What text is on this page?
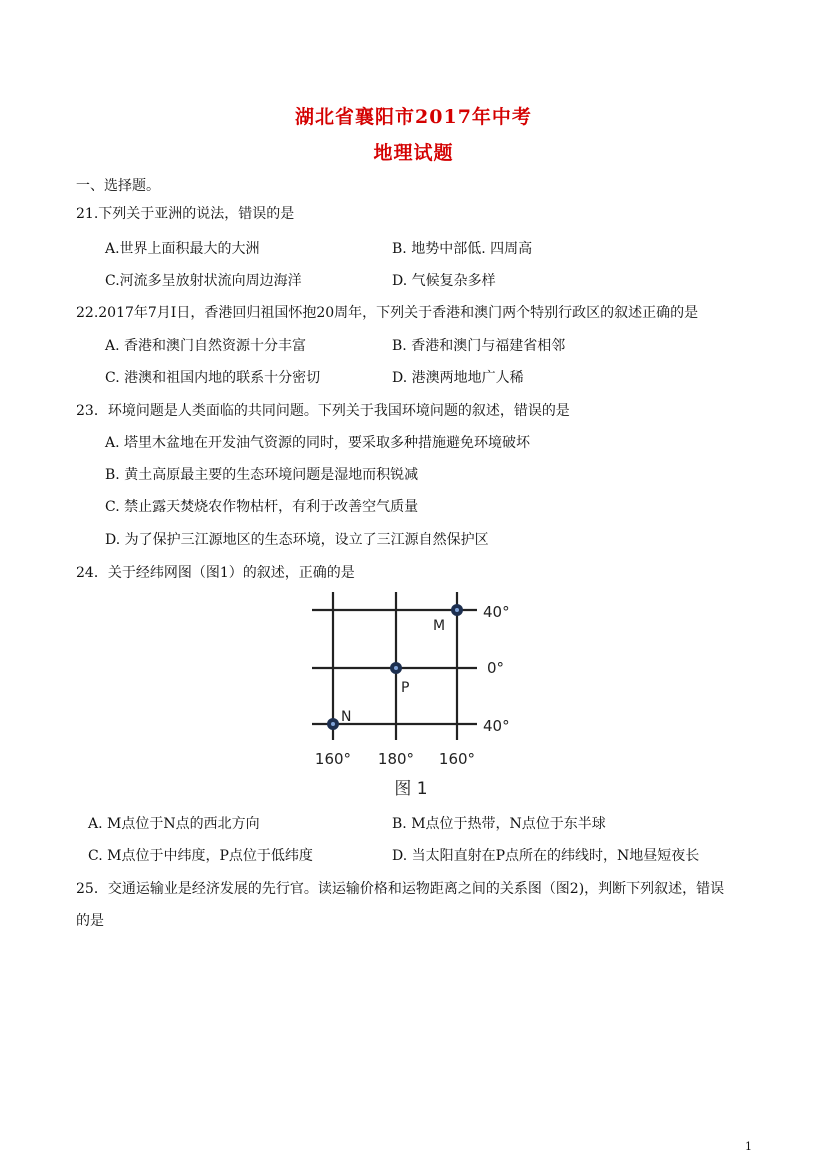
湖北省襄阳市2017年中考
地理试题
一、选择题。
21.下列关于亚洲的说法，错误的是
A.世界上面积最大的大洲	B. 地势中部低. 四周高
C.河流多呈放射状流向周边海洋	D. 气候复杂多样
22.2017年7月I日，香港回归祖国怀抱20周年，下列关于香港和澳门两个特别行政区的叙述正确的是
A. 香港和澳门自然资源十分丰富	B. 香港和澳门与福建省相邻
C. 港澳和祖国内地的联系十分密切	D. 港澳两地地广人稀
23．环境问题是人类面临的共同问题。下列关于我国环境问题的叙述，错误的是
A. 塔里木盆地在开发油气资源的同时，要采取多种措施避免环境破坏
B. 黄土高原最主要的生态环境问题是湿地而积锐减
C. 禁止露天焚烧农作物枯杆，有利于改善空气质量
D. 为了保护三江源地区的生态环境，设立了三江源自然保护区
24．关于经纬网图（图1）的叙述，正确的是
M
P
N
40°
0°
40°
160° 180° 160°
图 1
A. M点位于N点的西北方向	B. M点位于热带，N点位于东半球
C. M点位于中纬度，P点位于低纬度	D. 当太阳直射在P点所在的纬线时，N地昼短夜长
25．交通运输业是经济发展的先行官。读运输价格和运物距离之间的关系图（图2)，判断下列叙述，错误
的是
1
